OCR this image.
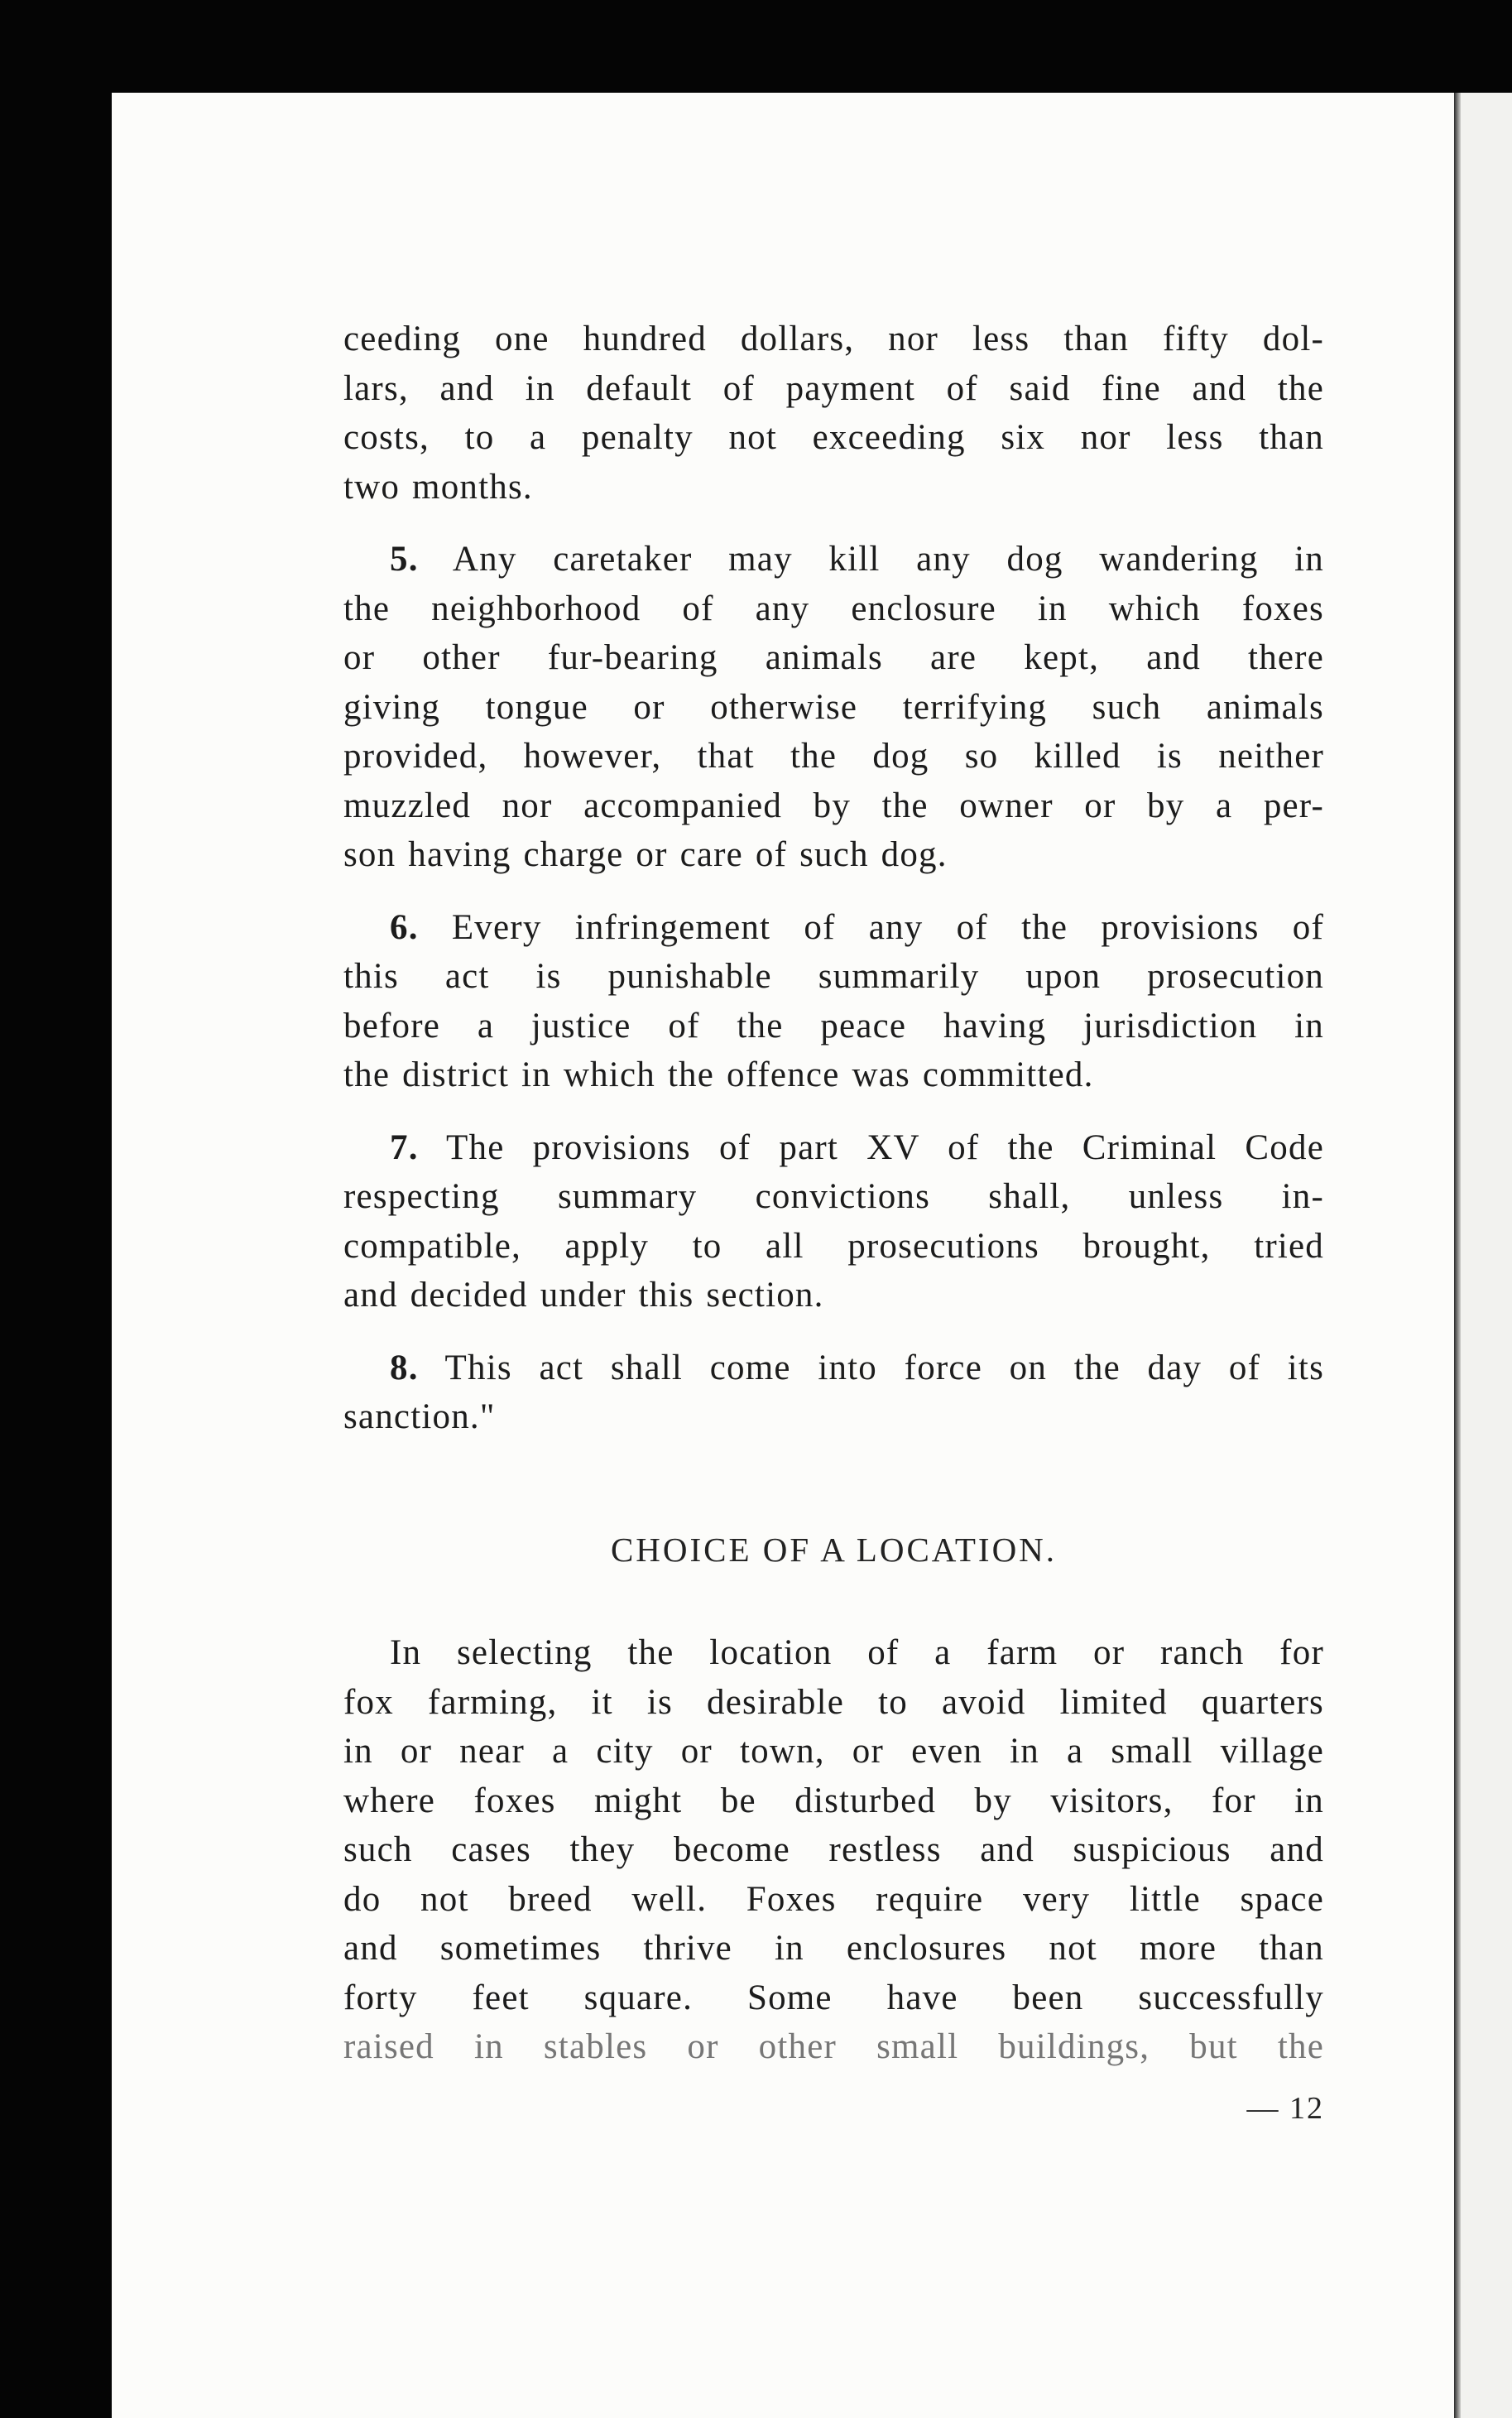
ceeding one hundred dollars, nor less than fifty dol-
lars, and in default of payment of said fine and the
costs, to a penalty not exceeding six nor less than
two months.

5. Any caretaker may kill any dog wandering in
the neighborhood of any enclosure in which foxes
or other fur-bearing animals are kept, and there
giving tongue or otherwise terrifying such animals
provided, however, that the dog so killed is neither
muzzled nor accompanied by the owner or by a per-
son having charge or care of such dog.

6. Every infringement of any of the provisions of
this act is punishable summarily upon prosecution
before a justice of the peace having jurisdiction in
the district in which the offence was committed.

7. The provisions of part XV of the Criminal Code
respecting summary convictions shall, unless in-
compatible, apply to all prosecutions brought, tried
and decided under this section.

8. This act shall come into force on the day of its
sanction."

CHOICE OF A LOCATION.

In selecting the location of a farm or ranch for
fox farming, it is desirable to avoid limited quarters
in or near a city or town, or even in a small village
where foxes might be disturbed by visitors, for in
such cases they become restless and suspicious and
do not breed well. Foxes require very little space
and sometimes thrive in enclosures not more than
forty feet square. Some have been successfully
raised in stables or other small buildings, but the

— 12
